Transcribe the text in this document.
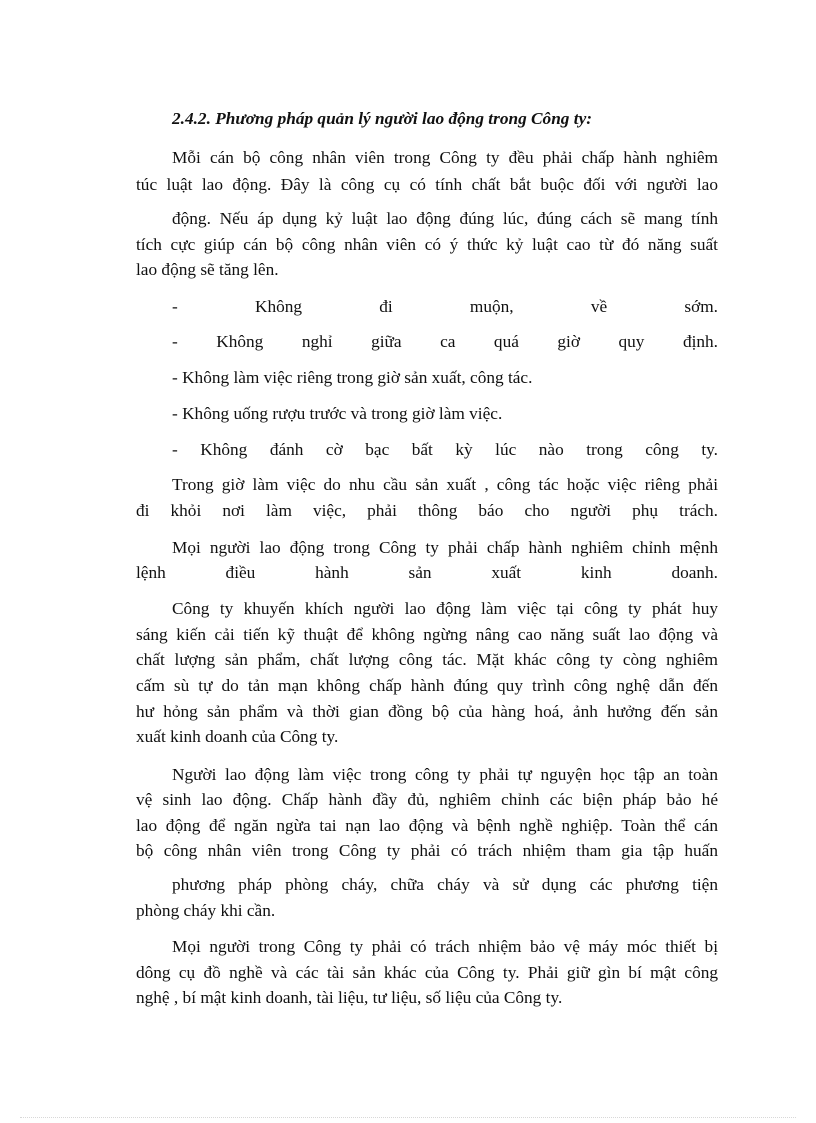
2.4.2. Phương pháp quản lý người lao động trong Công ty:
Mỗi cán bộ công nhân viên trong Công ty đều phải chấp hành nghiêm
túc luật lao động. Đây là công cụ có tính chất bắt buộc đối với người lao
động. Nếu áp dụng kỷ luật lao động đúng lúc, đúng cách sẽ mang tính
tích cực giúp cán bộ công nhân viên có ý thức kỷ luật cao từ đó năng suất
lao động sẽ tăng lên.
- Không đi muộn, về sớm.
- Không nghỉ giữa ca quá giờ quy định.
- Không làm việc riêng trong giờ sản xuất, công tác.
- Không uống rượu trước và trong giờ làm việc.
- Không đánh cờ bạc bất kỳ lúc nào trong công ty.
Trong giờ làm việc do nhu cầu sản xuất , công tác hoặc việc riêng phải
đi khỏi nơi làm việc, phải thông báo cho người phụ trách.
Mọi người lao động trong Công ty phải chấp hành nghiêm chỉnh mệnh
lệnh điều hành sản xuất kinh doanh.
Công ty khuyến khích người lao động làm việc tại công ty phát huy
sáng kiến cải tiến kỹ thuật để không ngừng nâng cao năng suất lao động và
chất lượng sản phẩm, chất lượng công tác. Mặt khác công ty còng nghiêm
cấm sù tự do tản mạn không chấp hành đúng quy trình công nghệ dẫn đến
hư hỏng sản phẩm và thời gian đồng bộ của hàng hoá, ảnh hưởng đến sản
xuất kinh doanh của Công ty.
Người lao động làm việc trong công ty phải tự nguyện học tập an toàn
vệ sinh lao động. Chấp hành đầy đủ, nghiêm chỉnh các biện pháp bảo hé
lao động để ngăn ngừa tai nạn lao động và bệnh nghề nghiệp. Toàn thể cán
bộ công nhân viên trong Công ty phải có trách nhiệm tham gia tập huấn
phương pháp phòng cháy, chữa cháy và sử dụng các phương tiện
phòng cháy khi cần.
Mọi người trong Công ty phải có trách nhiệm bảo vệ máy móc thiết bị
dông cụ đồ nghề và các tài sản khác của Công ty. Phải giữ gìn bí mật công
nghệ , bí mật kinh doanh, tài liệu, tư liệu, số liệu của Công ty.
